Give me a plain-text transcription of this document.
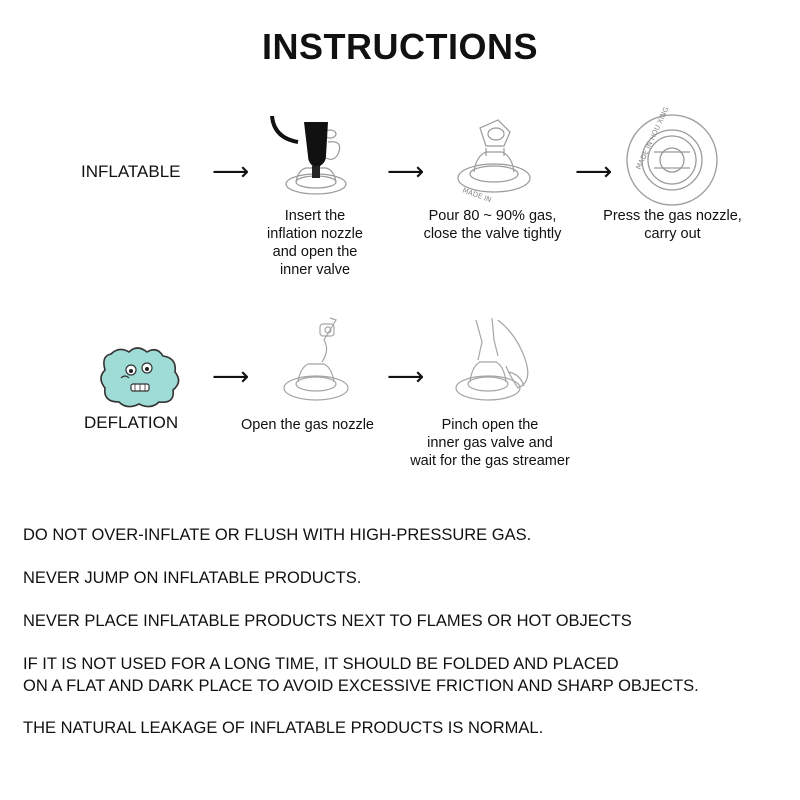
INSTRUCTIONS
INFLATABLE ⟶
Insert the
inflation nozzle
and open the
inner valve
⟶
MADE IN
Pour 80 ~ 90% gas,
close the valve tightly
⟶
MADE IN HOU XING
Press the gas nozzle,
carry out
DEFLATION
⟶
Open the gas nozzle
⟶
Pinch open the
inner gas valve and
wait for the gas streamer
DO NOT OVER-INFLATE OR FLUSH WITH HIGH-PRESSURE GAS.
NEVER JUMP ON INFLATABLE PRODUCTS.
NEVER PLACE INFLATABLE PRODUCTS NEXT TO FLAMES OR HOT OBJECTS
IF IT IS NOT USED FOR A LONG TIME, IT SHOULD BE FOLDED AND PLACED
ON A FLAT AND DARK PLACE TO AVOID EXCESSIVE FRICTION AND SHARP OBJECTS.
THE NATURAL LEAKAGE OF INFLATABLE PRODUCTS IS NORMAL.
